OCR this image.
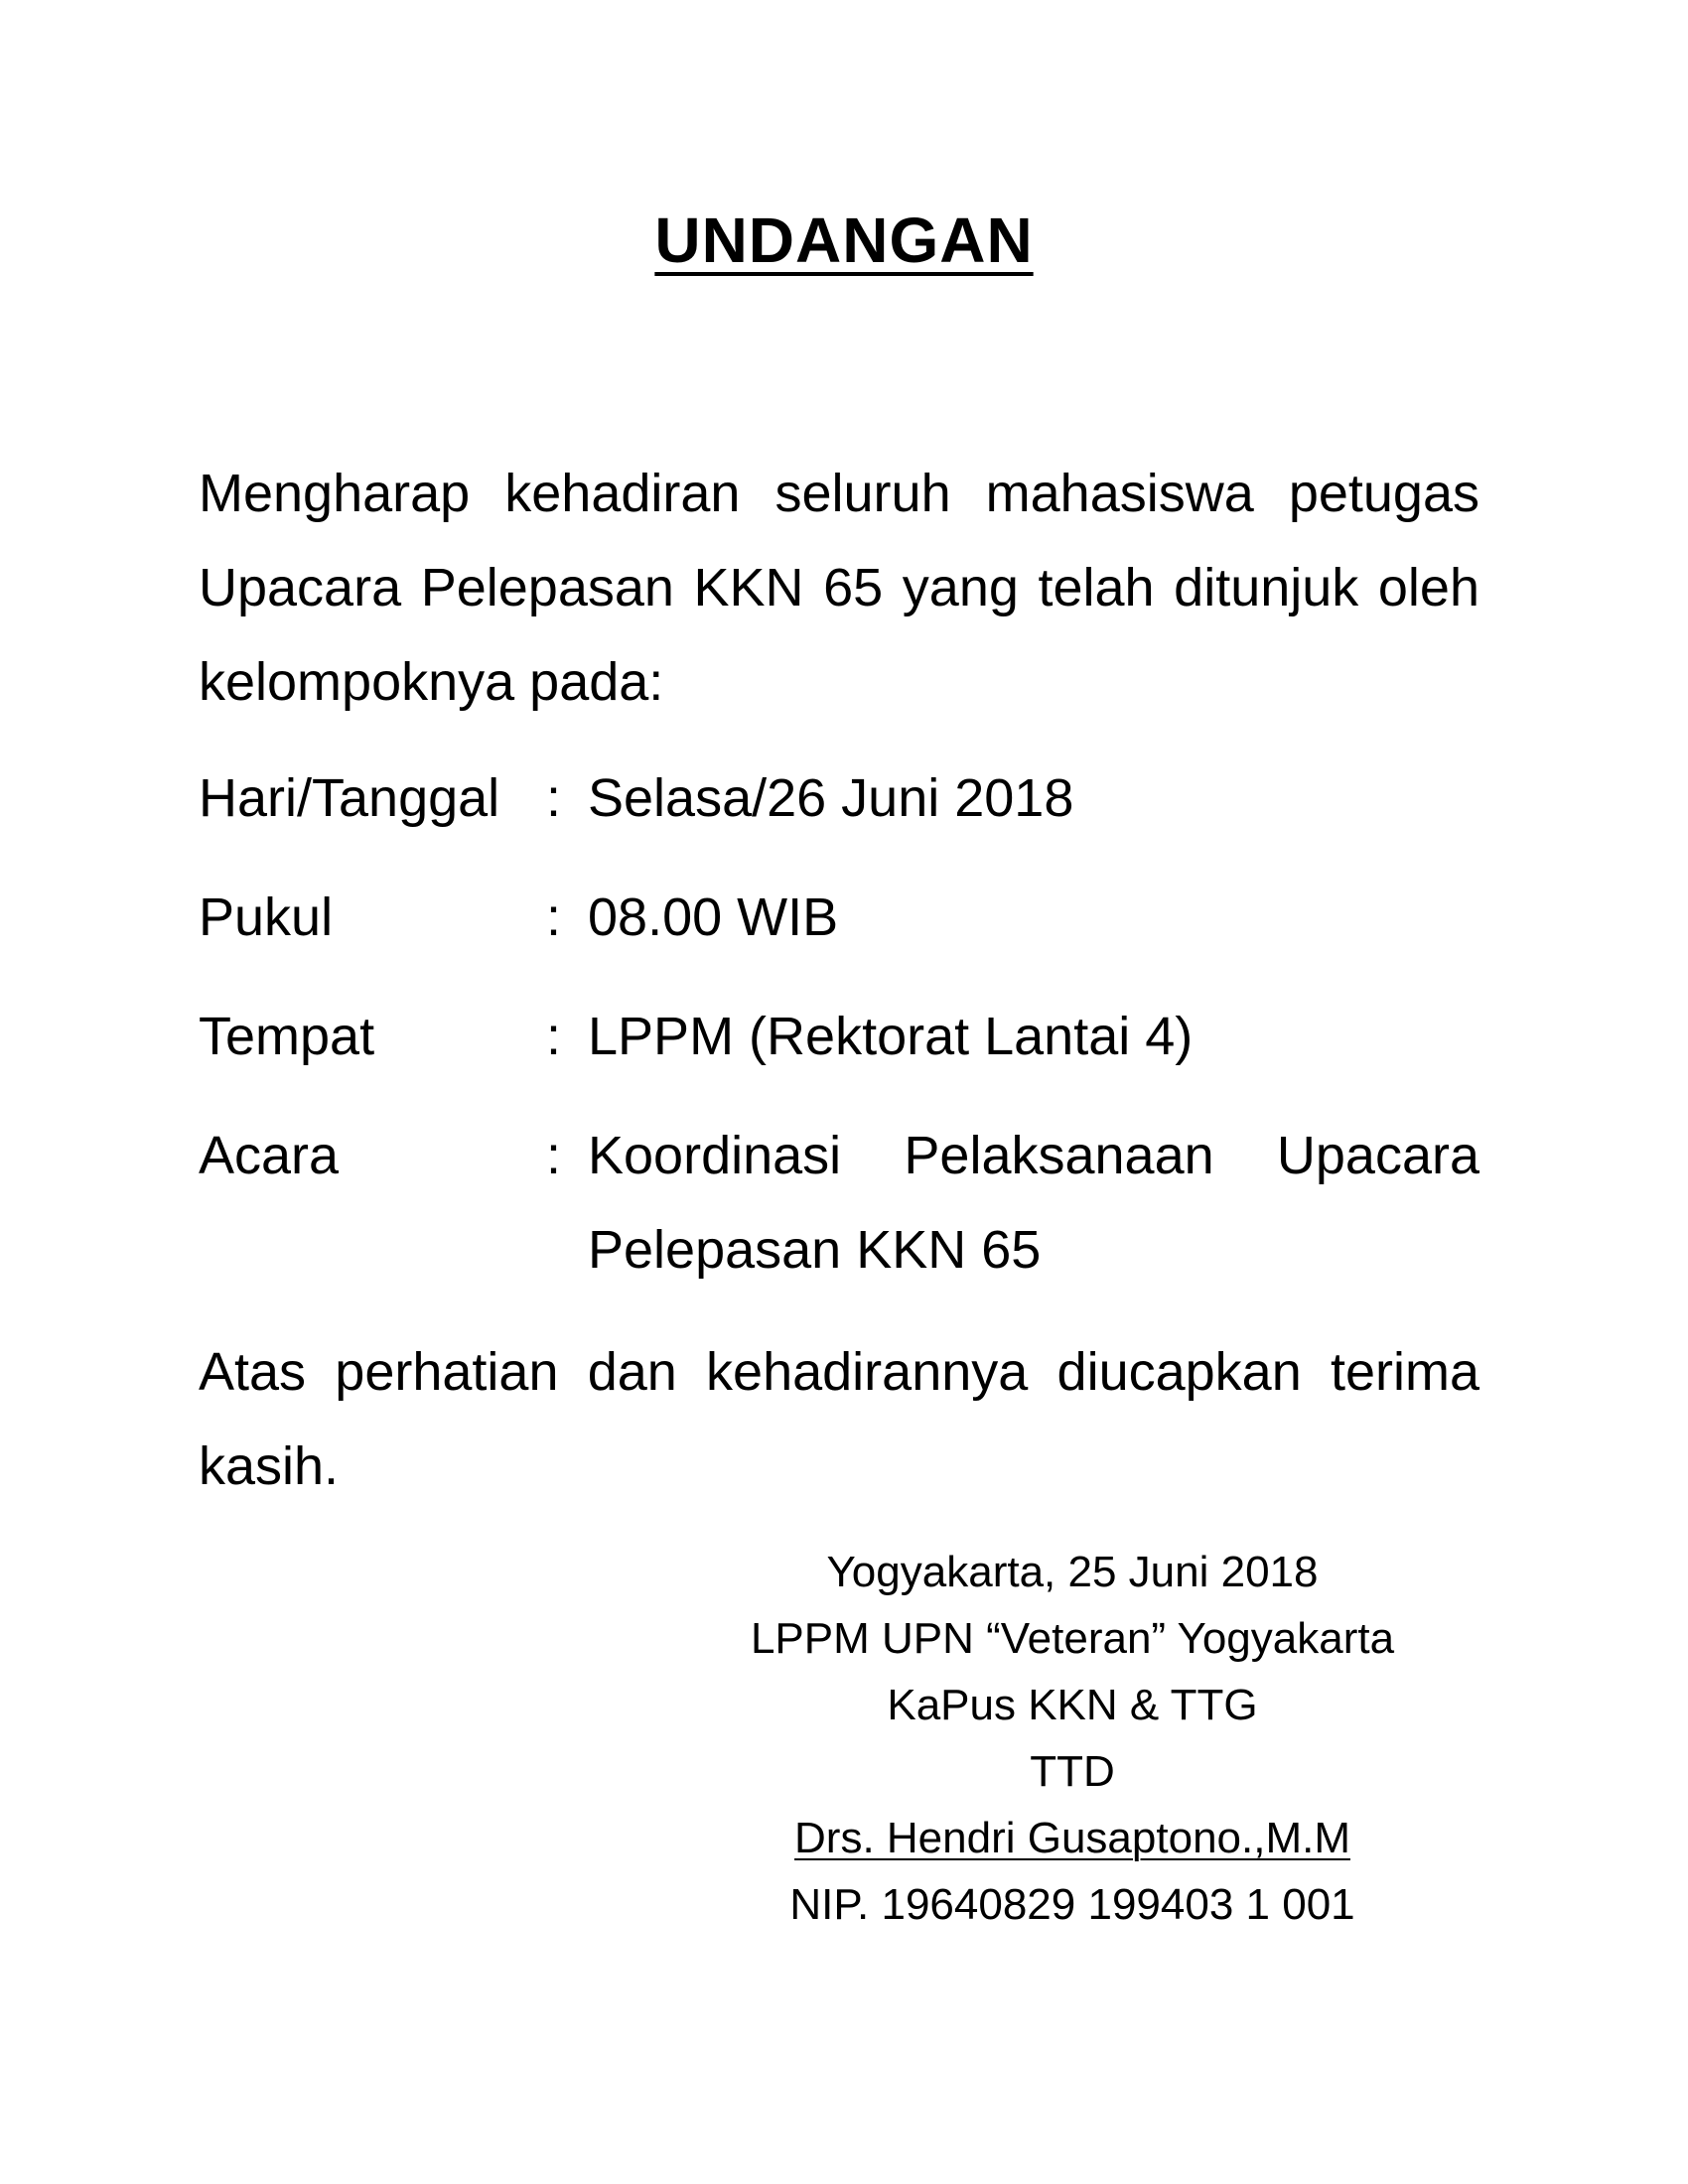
UNDANGAN
Mengharap kehadiran seluruh mahasiswa petugas Upacara Pelepasan KKN 65 yang telah ditunjuk oleh kelompoknya pada:
Hari/Tanggal : Selasa/26 Juni 2018
Pukul	: 08.00 WIB
Tempat	: LPPM (Rektorat Lantai 4)
Acara	: Koordinasi Pelaksanaan Upacara Pelepasan KKN 65
Atas perhatian dan kehadirannya diucapkan terima kasih.
Yogyakarta, 25 Juni 2018
LPPM UPN “Veteran” Yogyakarta
KaPus KKN & TTG
TTD
Drs. Hendri Gusaptono.,M.M
NIP. 19640829 199403 1 001
